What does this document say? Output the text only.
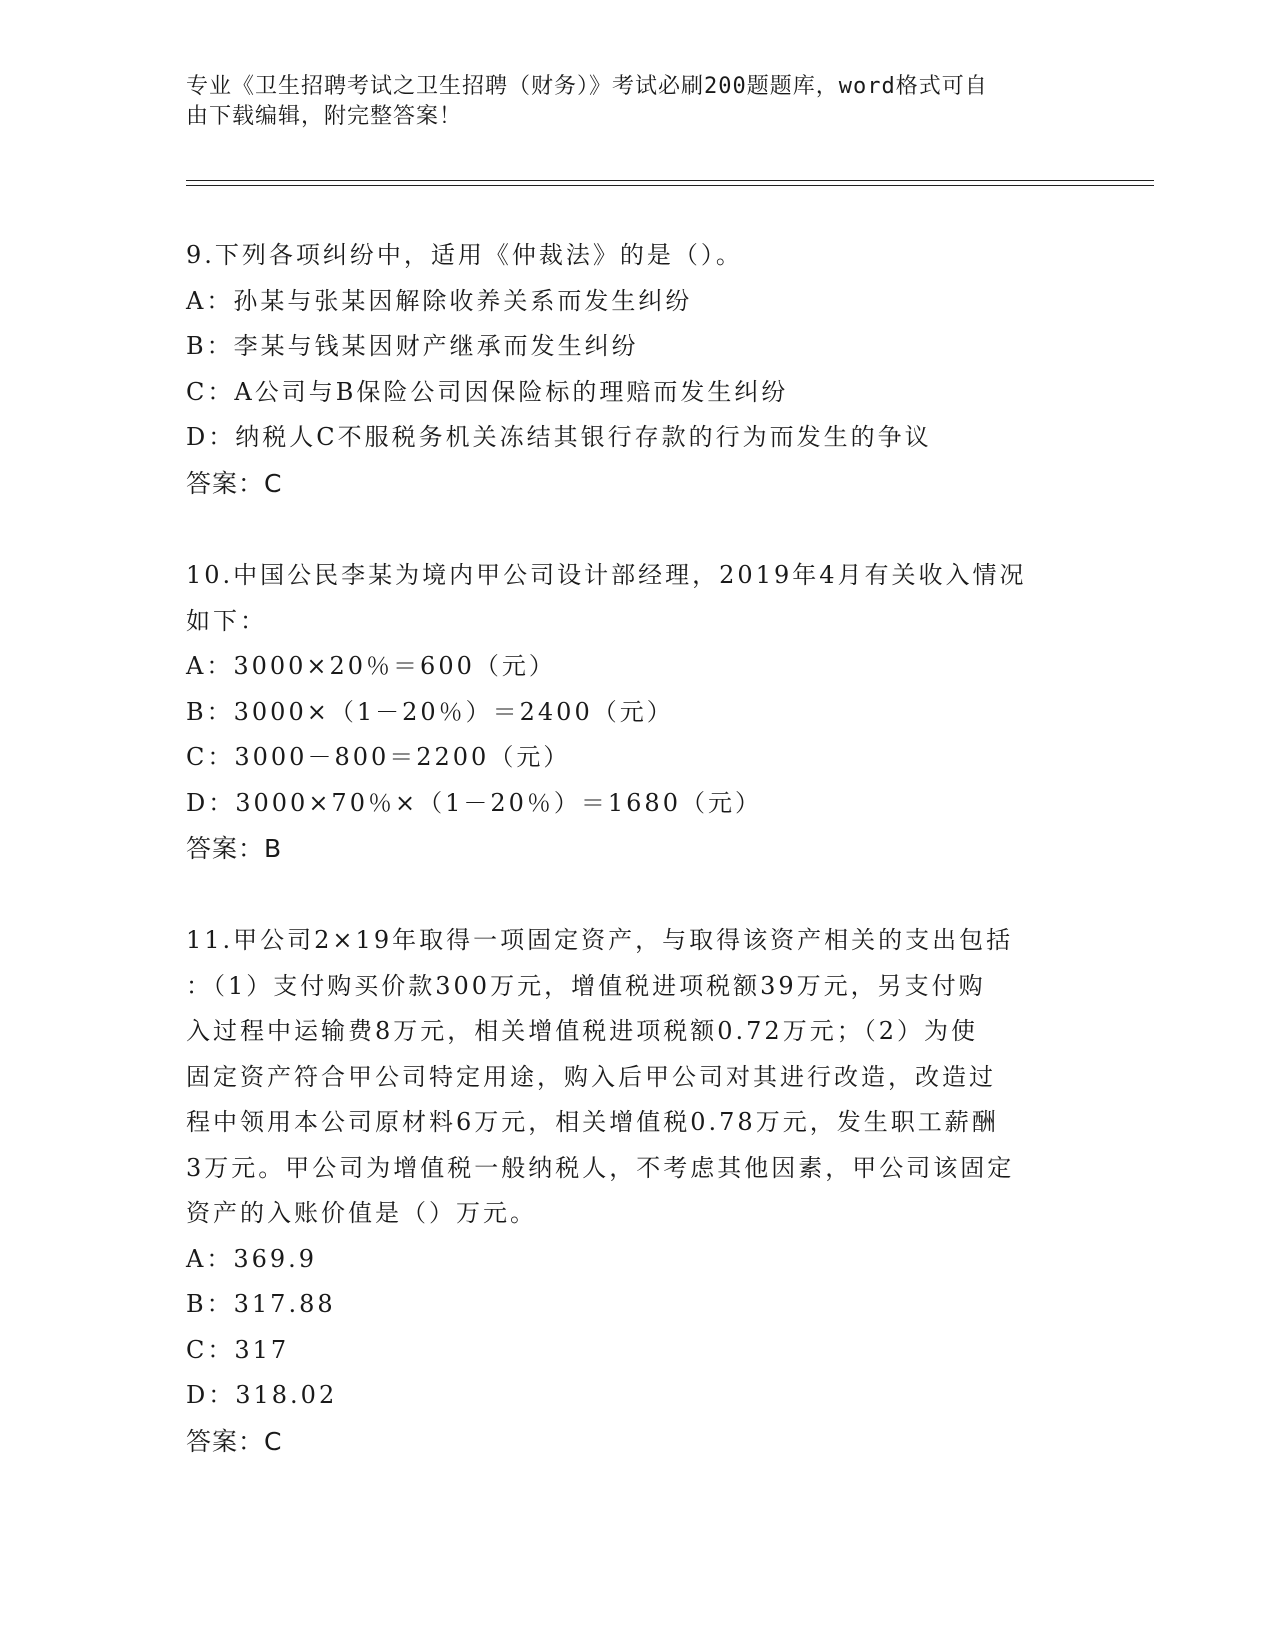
专业《卫生招聘考试之卫生招聘（财务）》考试必刷200题题库，word格式可自
由下载编辑，附完整答案！
9.下列各项纠纷中，适用《仲裁法》的是（）。
A：孙某与张某因解除收养关系而发生纠纷
B：李某与钱某因财产继承而发生纠纷
C：A公司与B保险公司因保险标的理赔而发生纠纷
D：纳税人C不服税务机关冻结其银行存款的行为而发生的争议
答案：C
10.中国公民李某为境内甲公司设计部经理，2019年4月有关收入情况
如下：
A：3000×20％＝600（元）
B：3000×（1－20％）＝2400（元）
C：3000－800＝2200（元）
D：3000×70％×（1－20％）＝1680（元）
答案：B
11.甲公司2×19年取得一项固定资产，与取得该资产相关的支出包括
：（1）支付购买价款300万元，增值税进项税额39万元，另支付购
入过程中运输费8万元，相关增值税进项税额0.72万元；（2）为使
固定资产符合甲公司特定用途，购入后甲公司对其进行改造，改造过
程中领用本公司原材料6万元，相关增值税0.78万元，发生职工薪酬
3万元。甲公司为增值税一般纳税人，不考虑其他因素，甲公司该固定
资产的入账价值是（）万元。
A：369.9
B：317.88
C：317
D：318.02
答案：C
